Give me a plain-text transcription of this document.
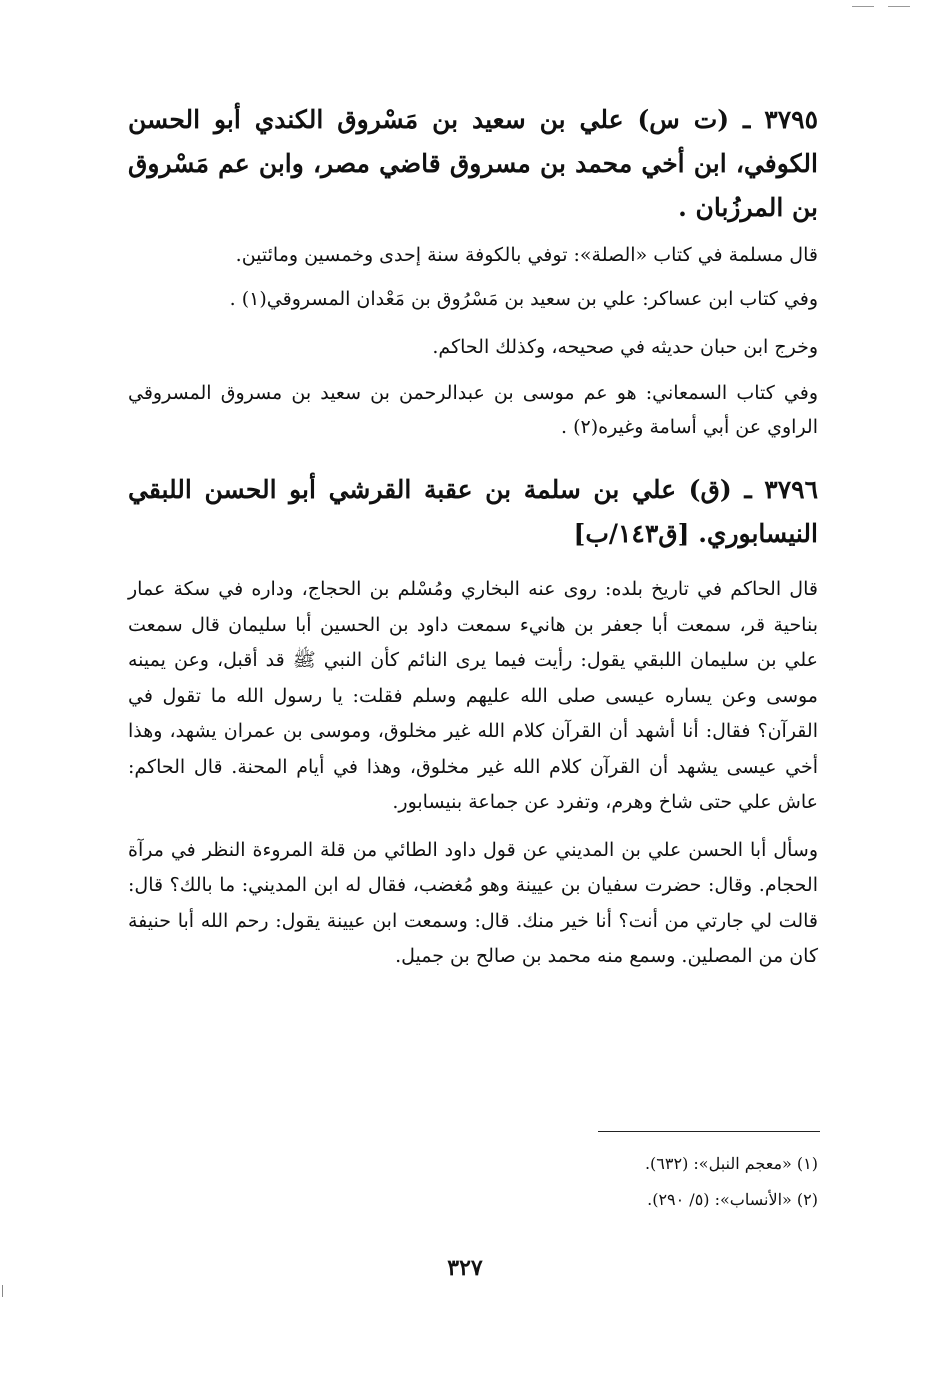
٣٧٩٥ ـ (ت س) علي بن سعيد بن مَسْروق الكندي أبو الحسن الكوفي، ابن أخي محمد بن مسروق قاضي مصر، وابن عم مَسْروق بن المرزُبان .

قال مسلمة في كتاب «الصلة»: توفي بالكوفة سنة إحدى وخمسين ومائتين.

وفي كتاب ابن عساكر: علي بن سعيد بن مَسْرُوق بن مَعْدان المسروقي(١) .

وخرج ابن حبان حديثه في صحيحه، وكذلك الحاكم.

وفي كتاب السمعاني: هو عم موسى بن عبدالرحمن بن سعيد بن مسروق المسروقي الراوي عن أبي أسامة وغيره(٢) .

٣٧٩٦ ـ (ق) علي بن سلمة بن عقبة القرشي أبو الحسن اللبقي النيسابوري. [ق١٤٣/ب]

قال الحاكم في تاريخ بلده: روى عنه البخاري ومُسْلم بن الحجاج، وداره في سكة عمار بناحية قر، سمعت أبا جعفر بن هانيء سمعت داود بن الحسين أبا سليمان قال سمعت علي بن سليمان اللبقي يقول: رأيت فيما يرى النائم كأن النبي ﷺ قد أقبل، وعن يمينه موسى وعن يساره عيسى صلى الله عليهم وسلم فقلت: يا رسول الله ما تقول في القرآن؟ فقال: أنا أشهد أن القرآن كلام الله غير مخلوق، وموسى بن عمران يشهد، وهذا أخي عيسى يشهد أن القرآن كلام الله غير مخلوق، وهذا في أيام المحنة. قال الحاكم: عاش علي حتى شاخ وهرم، وتفرد عن جماعة بنيسابور.

وسأل أبا الحسن علي بن المديني عن قول داود الطائي من قلة المروءة النظر في مرآة الحجام. وقال: حضرت سفيان بن عيينة وهو مُغضب، فقال له ابن المديني: ما بالك؟ قال: قالت لي جارتي من أنت؟ أنا خير منك. قال: وسمعت ابن عيينة يقول: رحم الله أبا حنيفة كان من المصلين. وسمع منه محمد بن صالح بن جميل.

(١) «معجم النبل»: (٦٣٢).

(٢) «الأنساب»: (٥/ ٢٩٠).

٣٢٧
